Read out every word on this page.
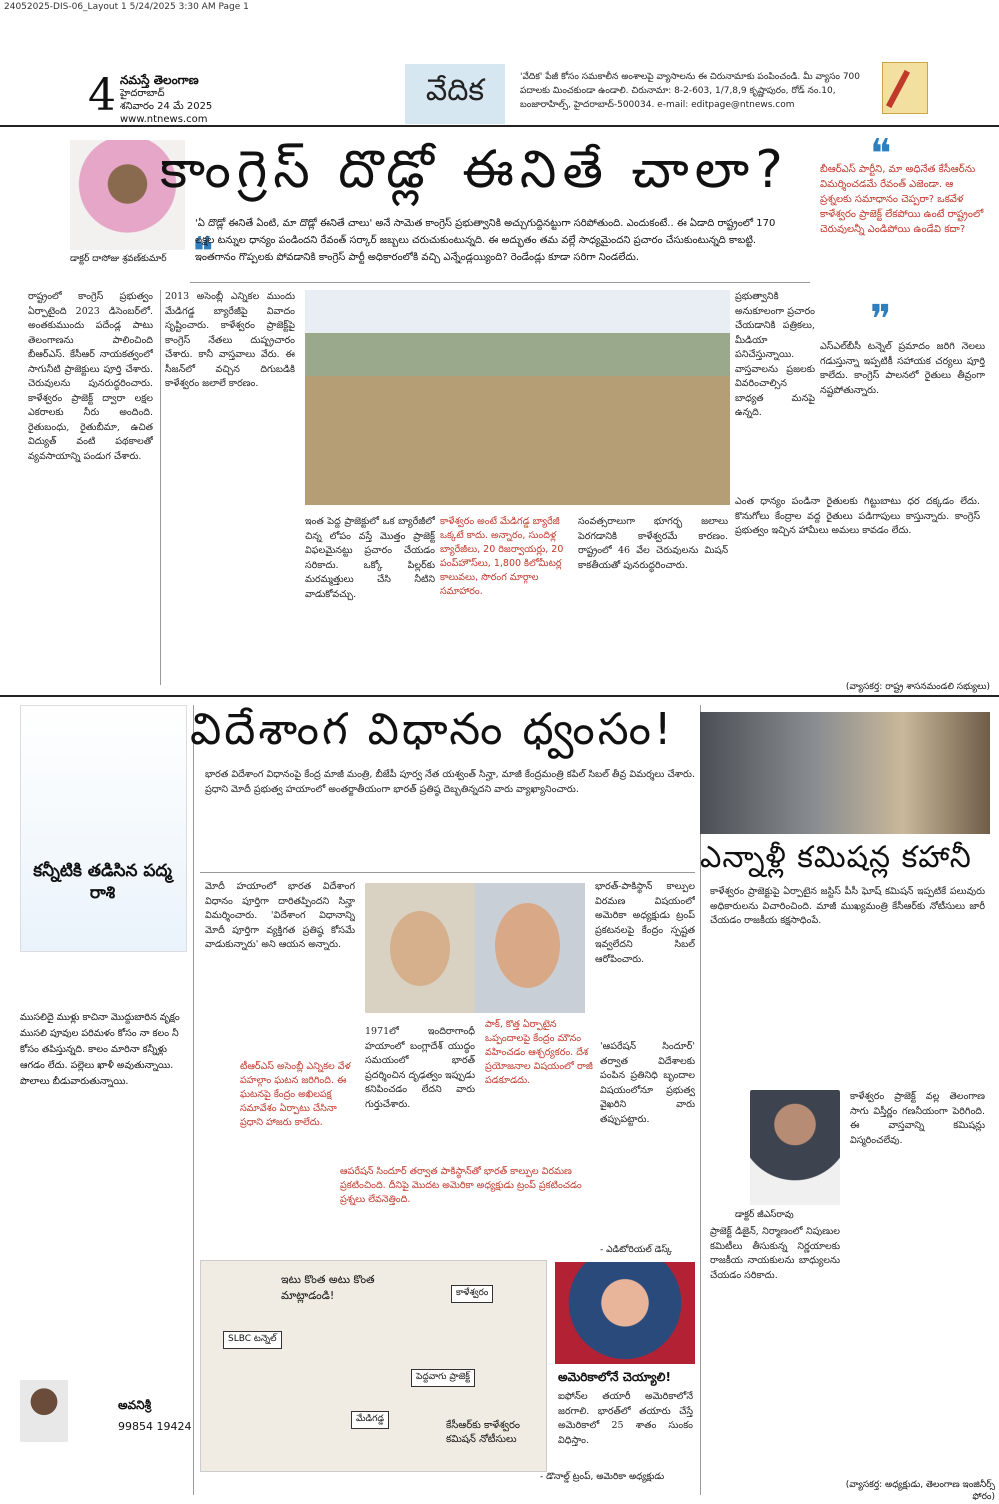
24052025-DIS-06_Layout 1 5/24/2025 3:30 AM Page 1
4 నమస్తే తెలంగాణ
హైదరాబాద్
శనివారం 24 మే 2025
www.ntnews.com
వేదిక	'వేదిక' పేజీ కోసం సమకాలీన అంశాలపై వ్యాసాలను ఈ చిరునామాకు పంపించండి. మీ వ్యాసం 700 పదాలకు మించకుండా ఉండాలి. చిరునామా: 8-2-603, 1/7,8,9 కృష్ణాపురం, రోడ్ నం.10, బంజారాహిల్స్, హైదరాబాద్-500034. e-mail: editpage@ntnews.com
డాక్టర్ దాసోజు శ్రవణ్‌కుమార్
కాంగ్రెస్ దొడ్లో ఈనితే చాలా?
❝
'ఏ దొడ్లో ఈనితే ఏంటి, మా దొడ్లో ఈనితే చాలు' అనే సామెత కాంగ్రెస్ ప్రభుత్వానికి అచ్చుగుద్దినట్టుగా సరిపోతుంది. ఎందుకంటే.. ఈ ఏడాది రాష్ట్రంలో 170 లక్షల టన్నుల ధాన్యం పండిందని రేవంత్ సర్కార్ జబ్బలు చరుచుకుంటున్నది. ఈ అద్భుతం తమ వల్లే సాధ్యమైందని ప్రచారం చేసుకుంటున్నది కాబట్టి. ఇంతగానం గొప్పలకు పోవడానికి కాంగ్రెస్ పార్టీ అధికారంలోకి వచ్చి ఎన్నేండ్లయ్యింది? రెండేండ్లు కూడా సరిగా నిండలేదు.
❝
బీఆర్‌ఎస్ పార్టీని, మా అధినేత కేసీఆర్‌ను విమర్శించడమే రేవంత్ ఎజెండా. ఆ ప్రశ్నలకు సమాధానం చెప్పరా? ఒకవేళ కాళేశ్వరం ప్రాజెక్ట్ లేకపోయి ఉంటే రాష్ట్రంలో చెరువులన్నీ ఎండిపోయి ఉండేవి కదా?
❞
ఎస్‌ఎల్‌బీసీ టన్నెల్ ప్రమాదం జరిగి నెలలు గడుస్తున్నా ఇప్పటికీ సహాయక చర్యలు పూర్తి కాలేదు. కాంగ్రెస్ పాలనలో రైతులు తీవ్రంగా నష్టపోతున్నారు.
రాష్ట్రంలో కాంగ్రెస్ ప్రభుత్వం ఏర్పాటైంది 2023 డిసెంబర్‌లో. అంతకుముందు పదేండ్ల పాటు తెలంగాణను పాలించింది బీఆర్‌ఎస్. కేసీఆర్ నాయకత్వంలో సాగునీటి ప్రాజెక్టులు పూర్తి చేశారు. చెరువులను పునరుద్ధరించారు. కాళేశ్వరం ప్రాజెక్ట్ ద్వారా లక్షల ఎకరాలకు నీరు అందింది. రైతుబంధు, రైతుబీమా, ఉచిత విద్యుత్ వంటి పథకాలతో వ్యవసాయాన్ని పండుగ చేశారు.
2013 అసెంబ్లీ ఎన్నికల ముందు మేడిగడ్డ బ్యారేజీపై వివాదం సృష్టించారు. కాళేశ్వరం ప్రాజెక్ట్‌పై కాంగ్రెస్ నేతలు దుష్ప్రచారం చేశారు. కానీ వాస్తవాలు వేరు. ఈ సీజన్‌లో వచ్చిన దిగుబడికి కాళేశ్వరం జలాలే కారణం.
ఇంత పెద్ద ప్రాజెక్టులో ఒక బ్యారేజీలో చిన్న లోపం వస్తే మొత్తం ప్రాజెక్ట్ విఫలమైనట్టు ప్రచారం చేయడం సరికాదు. ఒక్కో పిల్లర్‌కు మరమ్మత్తులు చేసి నీటిని వాడుకోవచ్చు.
కాళేశ్వరం అంటే మేడిగడ్డ బ్యారేజీ ఒక్కటే కాదు. అన్నారం, సుందిళ్ల బ్యారేజీలు, 20 రిజర్వాయర్లు, 20 పంప్‌హౌస్‌లు, 1,800 కిలోమీటర్ల కాలువలు, సొరంగ మార్గాల సమాహారం.
సంవత్సరాలుగా భూగర్భ జలాలు పెరగడానికి కాళేశ్వరమే కారణం. రాష్ట్రంలో 46 వేల చెరువులను మిషన్ కాకతీయతో పునరుద్ధరించారు.
ప్రభుత్వానికి అనుకూలంగా ప్రచారం చేయడానికి పత్రికలు, మీడియా పనిచేస్తున్నాయి. వాస్తవాలను ప్రజలకు వివరించాల్సిన బాధ్యత మనపై ఉన్నది.
ఎంత ధాన్యం పండినా రైతులకు గిట్టుబాటు ధర దక్కడం లేదు. కొనుగోలు కేంద్రాల వద్ద రైతులు పడిగాపులు కాస్తున్నారు. కాంగ్రెస్ ప్రభుత్వం ఇచ్చిన హామీలు అమలు కావడం లేదు.
(వ్యాసకర్త: రాష్ట్ర శాసనమండలి సభ్యులు)
కన్నీటికి తడిసిన పద్మ రాశి
ముసలిదై ముళ్లు కాచినా మొద్దుబారిన వృక్షం ముసలి పూవుల పరిమళం కోసం నా కలం నీ కోసం తపిస్తున్నది. కాలం మారినా కన్నీళ్లు ఆగడం లేదు. పల్లెలు ఖాళీ అవుతున్నాయి. పొలాలు బీడువారుతున్నాయి.
అవనిశ్రీ
99854 19424
విదేశాంగ విధానం ధ్వంసం!
భారత విదేశాంగ విధానంపై కేంద్ర మాజీ మంత్రి, బీజేపీ పూర్వ నేత యశ్వంత్ సిన్హా, మాజీ కేంద్రమంత్రి కపిల్ సిబల్ తీవ్ర విమర్శలు చేశారు. ప్రధాని మోదీ ప్రభుత్వ హయాంలో అంతర్జాతీయంగా భారత్ ప్రతిష్ఠ దెబ్బతిన్నదని వారు వ్యాఖ్యానించారు.
మోదీ హయాంలో భారత విదేశాంగ విధానం పూర్తిగా దారితప్పిందని సిన్హా విమర్శించారు. 'విదేశాంగ విధానాన్ని మోదీ పూర్తిగా వ్యక్తిగత ప్రతిష్ఠ కోసమే వాడుకున్నారు' అని ఆయన అన్నారు.
భారత్-పాకిస్థాన్ కాల్పుల విరమణ విషయంలో అమెరికా అధ్యక్షుడు ట్రంప్ ప్రకటనలపై కేంద్రం స్పష్టత ఇవ్వలేదని సిబల్ ఆరోపించారు.
1971లో ఇందిరాగాంధీ హయాంలో బంగ్లాదేశ్ యుద్ధం సమయంలో భారత్ ప్రదర్శించిన దృఢత్వం ఇప్పుడు కనిపించడం లేదని వారు గుర్తుచేశారు.
టీఆర్‌ఎస్ అసెంబ్లీ ఎన్నికల వేళ పహల్గాం ఘటన జరిగింది. ఈ ఘటనపై కేంద్రం అఖిలపక్ష సమావేశం ఏర్పాటు చేసినా ప్రధాని హాజరు కాలేదు.
పాక్, కొత్త ఏర్పాటైన ఒప్పందాలపై కేంద్రం మౌనం వహించడం ఆశ్చర్యకరం. దేశ ప్రయోజనాల విషయంలో రాజీ పడకూడదు.
'ఆపరేషన్ సిందూర్' తర్వాత విదేశాలకు పంపిన ప్రతినిధి బృందాల విషయంలోనూ ప్రభుత్వ వైఖరిని వారు తప్పుపట్టారు.
ఆపరేషన్ సిందూర్ తర్వాత పాకిస్థాన్‌తో భారత్ కాల్పుల విరమణ ప్రకటించింది. దీనిపై మొదట అమెరికా అధ్యక్షుడు ట్రంప్ ప్రకటించడం ప్రశ్నలు లేవనెత్తింది.
- ఎడిటోరియల్ డెస్క్
ఇటు కొంత అటు కొంత మాట్లాడండి!
SLBC టన్నెల్
కాళేశ్వరం
మేడిగడ్డ
పెద్దవాగు ప్రాజెక్ట్
కేసీఆర్‌కు కాళేశ్వరం కమిషన్ నోటీసులు
అమెరికాలోనే చెయ్యాలి!
ఐఫోన్‌ల తయారీ అమెరికాలోనే జరగాలి. భారత్‌లో తయారు చేస్తే అమెరికాలో 25 శాతం సుంకం విధిస్తాం.
- డొనాల్డ్ ట్రంప్, అమెరికా అధ్యక్షుడు
ఎన్నాళ్లీ కమిషన్ల కహానీ
కాళేశ్వరం ప్రాజెక్టుపై ఏర్పాటైన జస్టిస్ పీసీ ఘోష్ కమిషన్ ఇప్పటికే పలువురు అధికారులను విచారించింది. మాజీ ముఖ్యమంత్రి కేసీఆర్‌కు నోటీసులు జారీ చేయడం రాజకీయ కక్షసాధింపే.
డాక్టర్ జీఎస్‌రావు
ప్రాజెక్ట్ డిజైన్, నిర్మాణంలో నిపుణుల కమిటీలు తీసుకున్న నిర్ణయాలకు రాజకీయ నాయకులను బాధ్యులను చేయడం సరికాదు.
కాళేశ్వరం ప్రాజెక్ట్ వల్ల తెలంగాణ సాగు విస్తీర్ణం గణనీయంగా పెరిగింది. ఈ వాస్తవాన్ని కమిషన్లు విస్మరించలేవు.
(వ్యాసకర్త: అధ్యక్షుడు, తెలంగాణ ఇంజినీర్స్ ఫోరం)
